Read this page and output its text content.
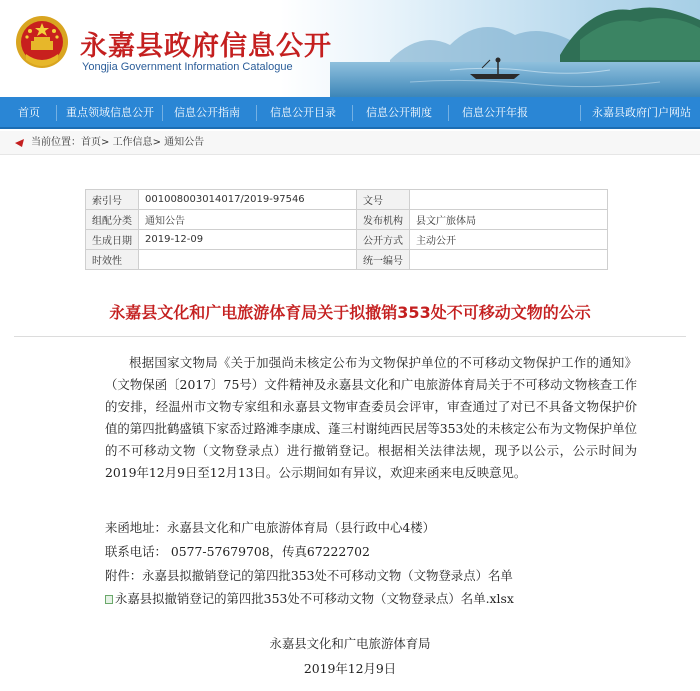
永嘉县政府信息公开
Yongjia Government Information Catalogue
首页	重点领域信息公开	信息公开指南	信息公开目录	信息公开制度	信息公开年报	永嘉县政府门户网站
当前位置：首页> 工作信息> 通知公告
索引号	001008003014017/2019-97546	文号	
组配分类	通知公告	发布机构	县文广旅体局
生成日期	2019-12-09	公开方式	主动公开
时效性		统一编号	
永嘉县文化和广电旅游体育局关于拟撤销353处不可移动文物的公示
根据国家文物局《关于加强尚未核定公布为文物保护单位的不可移动文物保护工作的通知》（文物保函〔2017〕75号）文件精神及永嘉县文化和广电旅游体育局关于不可移动文物核查工作的安排，经温州市文物专家组和永嘉县文物审查委员会评审，审查通过了对已不具备文物保护价值的第四批鹤盛镇下家岙过路滩李康成、蓬三村谢纯西民居等353处的未核定公布为文物保护单位的不可移动文物（文物登录点）进行撤销登记。根据相关法律法规，现予以公示，公示时间为2019年12月9日至12月13日。公示期间如有异议，欢迎来函来电反映意见。
来函地址：永嘉县文化和广电旅游体育局（县行政中心4楼）
联系电话： 0577-57679708，传真67222702
附件：永嘉县拟撤销登记的第四批353处不可移动文物（文物登录点）名单
永嘉县拟撤销登记的第四批353处不可移动文物（文物登录点）名单.xlsx
永嘉县文化和广电旅游体育局
2019年12月9日
